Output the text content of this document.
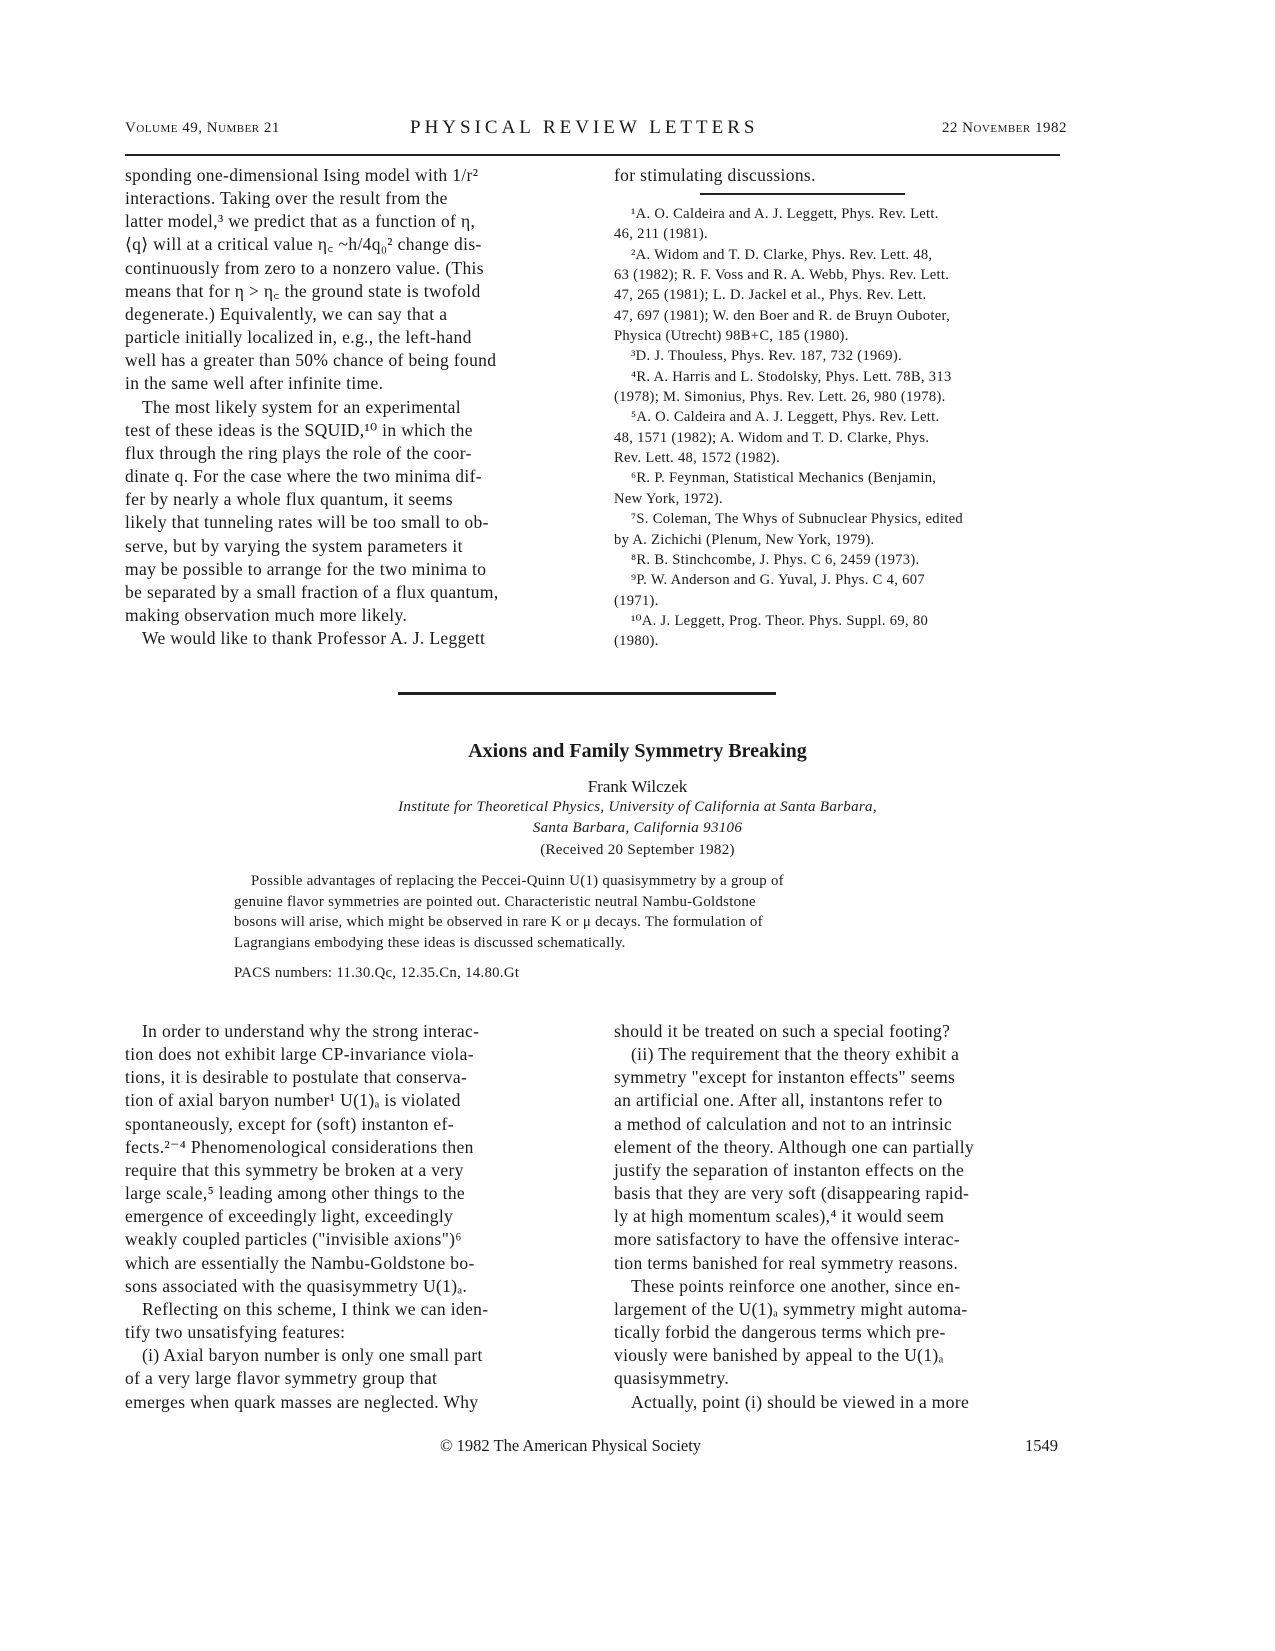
Volume 49, Number 21	PHYSICAL REVIEW LETTERS	22 November 1982
sponding one-dimensional Ising model with 1/r²
interactions. Taking over the result from the
latter model,³ we predict that as a function of η,
⟨q⟩ will at a critical value η꜀ ~h/4q₀² change dis-
continuously from zero to a nonzero value. (This
means that for η > η꜀ the ground state is twofold
degenerate.) Equivalently, we can say that a
particle initially localized in, e.g., the left-hand
well has a greater than 50% chance of being found
in the same well after infinite time.
The most likely system for an experimental
test of these ideas is the SQUID,¹⁰ in which the
flux through the ring plays the role of the coor-
dinate q. For the case where the two minima dif-
fer by nearly a whole flux quantum, it seems
likely that tunneling rates will be too small to ob-
serve, but by varying the system parameters it
may be possible to arrange for the two minima to
be separated by a small fraction of a flux quantum,
making observation much more likely.
We would like to thank Professor A. J. Leggett
for stimulating discussions.
¹A. O. Caldeira and A. J. Leggett, Phys. Rev. Lett.
46, 211 (1981).
²A. Widom and T. D. Clarke, Phys. Rev. Lett. 48,
63 (1982); R. F. Voss and R. A. Webb, Phys. Rev. Lett.
47, 265 (1981); L. D. Jackel et al., Phys. Rev. Lett.
47, 697 (1981); W. den Boer and R. de Bruyn Ouboter,
Physica (Utrecht) 98B+C, 185 (1980).
³D. J. Thouless, Phys. Rev. 187, 732 (1969).
⁴R. A. Harris and L. Stodolsky, Phys. Lett. 78B, 313
(1978); M. Simonius, Phys. Rev. Lett. 26, 980 (1978).
⁵A. O. Caldeira and A. J. Leggett, Phys. Rev. Lett.
48, 1571 (1982); A. Widom and T. D. Clarke, Phys.
Rev. Lett. 48, 1572 (1982).
⁶R. P. Feynman, Statistical Mechanics (Benjamin,
New York, 1972).
⁷S. Coleman, The Whys of Subnuclear Physics, edited
by A. Zichichi (Plenum, New York, 1979).
⁸R. B. Stinchcombe, J. Phys. C 6, 2459 (1973).
⁹P. W. Anderson and G. Yuval, J. Phys. C 4, 607
(1971).
¹⁰A. J. Leggett, Prog. Theor. Phys. Suppl. 69, 80
(1980).
Axions and Family Symmetry Breaking
Frank Wilczek
Institute for Theoretical Physics, University of California at Santa Barbara,
Santa Barbara, California 93106
(Received 20 September 1982)
Possible advantages of replacing the Peccei-Quinn U(1) quasisymmetry by a group of
genuine flavor symmetries are pointed out. Characteristic neutral Nambu-Goldstone
bosons will arise, which might be observed in rare K or μ decays. The formulation of
Lagrangians embodying these ideas is discussed schematically.
PACS numbers: 11.30.Qc, 12.35.Cn, 14.80.Gt
In order to understand why the strong interac-
tion does not exhibit large CP-invariance viola-
tions, it is desirable to postulate that conserva-
tion of axial baryon number¹ U(1)ₐ is violated
spontaneously, except for (soft) instanton ef-
fects.²⁻⁴ Phenomenological considerations then
require that this symmetry be broken at a very
large scale,⁵ leading among other things to the
emergence of exceedingly light, exceedingly
weakly coupled particles ("invisible axions")⁶
which are essentially the Nambu-Goldstone bo-
sons associated with the quasisymmetry U(1)ₐ.
Reflecting on this scheme, I think we can iden-
tify two unsatisfying features:
(i) Axial baryon number is only one small part
of a very large flavor symmetry group that
emerges when quark masses are neglected. Why
should it be treated on such a special footing?
(ii) The requirement that the theory exhibit a
symmetry "except for instanton effects" seems
an artificial one. After all, instantons refer to
a method of calculation and not to an intrinsic
element of the theory. Although one can partially
justify the separation of instanton effects on the
basis that they are very soft (disappearing rapid-
ly at high momentum scales),⁴ it would seem
more satisfactory to have the offensive interac-
tion terms banished for real symmetry reasons.
These points reinforce one another, since en-
largement of the U(1)ₐ symmetry might automa-
tically forbid the dangerous terms which pre-
viously were banished by appeal to the U(1)ₐ
quasisymmetry.
Actually, point (i) should be viewed in a more
© 1982 The American Physical Society	1549
